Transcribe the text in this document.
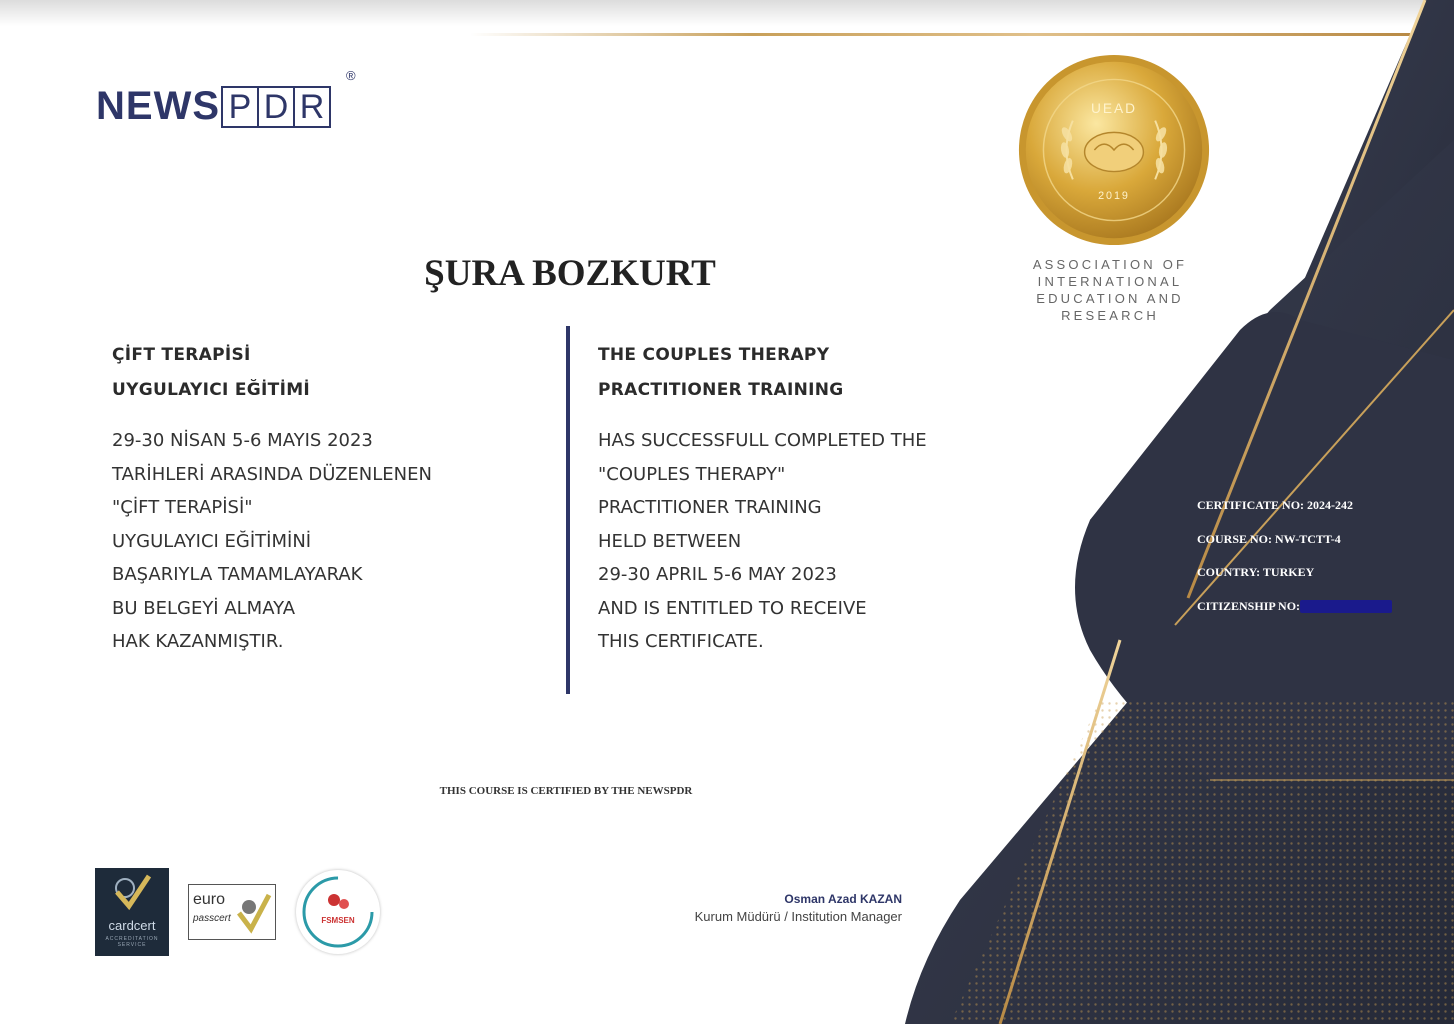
NEWS P D R
®
UEAD
2019
ASSOCIATION OF
INTERNATIONAL
EDUCATION AND
RESEARCH
ŞURA BOZKURT
ÇİFT TERAPİSİ
UYGULAYICI EĞİTİMİ
29-30 NİSAN 5-6 MAYIS 2023
TARİHLERİ ARASINDA DÜZENLENEN
"ÇİFT TERAPİSİ"
UYGULAYICI EĞİTİMİNİ
BAŞARIYLA TAMAMLAYARAK
BU BELGEYİ ALMAYA
HAK KAZANMIŞTIR.
THE COUPLES THERAPY
PRACTITIONER TRAINING
HAS SUCCESSFULL COMPLETED THE
"COUPLES THERAPY"
PRACTITIONER TRAINING
HELD BETWEEN
29-30 APRIL 5-6 MAY 2023
AND IS ENTITLED TO RECEIVE
THIS CERTIFICATE.
THIS COURSE IS CERTIFIED BY THE NEWSPDR
CERTIFICATE NO: 2024-242
COURSE NO: NW-TCTT-4
COUNTRY: TURKEY
CITIZENSHIP NO:
Osman Azad KAZAN
Kurum Müdürü / Institution Manager
cardcert
ACCREDITATION SERVICE
euro
passcert	FSMSEN
